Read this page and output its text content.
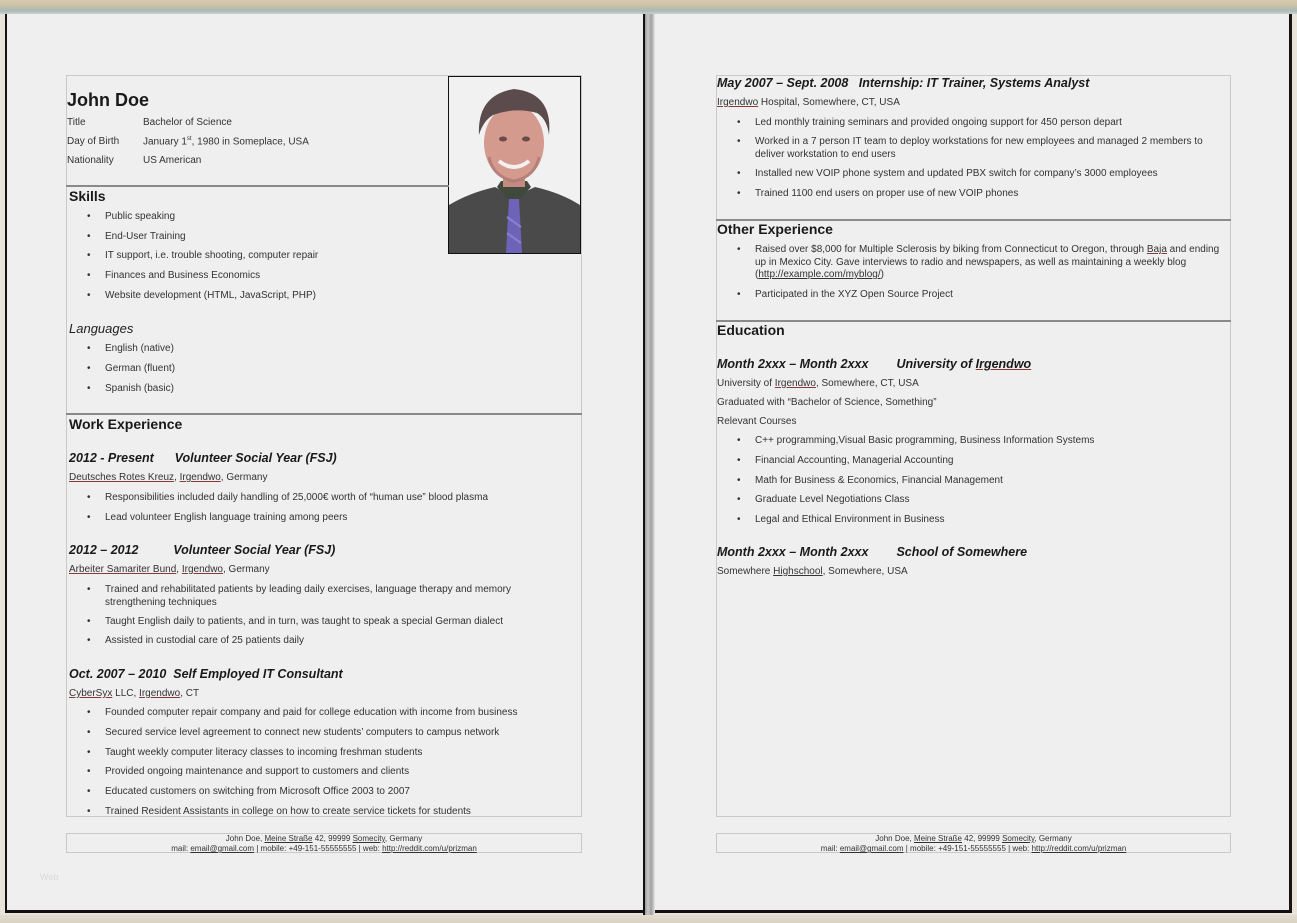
John Doe
Title	Bachelor of Science
Day of Birth January 1st, 1980 in Someplace, USA
Nationality	US American
Skills
• Public speaking
• End-User Training
• IT support, i.e. trouble shooting, computer repair
• Finances and Business Economics
• Website development (HTML, JavaScript, PHP)
Languages
• English (native)
• German (fluent)
• Spanish (basic)
Work Experience
2012 - Present      Volunteer Social Year (FSJ)
Deutsches Rotes Kreuz, Irgendwo, Germany
• Responsibilities included daily handling of 25,000€ worth of “human use” blood plasma
• Lead volunteer English language training among peers
2012 – 2012          Volunteer Social Year (FSJ)
Arbeiter Samariter Bund, Irgendwo, Germany
• Trained and rehabilitated patients by leading daily exercises, language therapy and memory strengthening techniques
• Taught English daily to patients, and in turn, was taught to speak a special German dialect
• Assisted in custodial care of 25 patients daily
Oct. 2007 – 2010  Self Employed IT Consultant
CyberSyx LLC, Irgendwo, CT
• Founded computer repair company and paid for college education with income from business
• Secured service level agreement to connect new students’ computers to campus network
• Taught weekly computer literacy classes to incoming freshman students
• Provided ongoing maintenance and support to customers and clients
• Educated customers on switching from Microsoft Office 2003 to 2007
• Trained Resident Assistants in college on how to create service tickets for students
John Doe, Meine Straße 42, 99999 Somecity, Germany
mail: email@gmail.com | mobile: +49-151-55555555 | web: http://reddit.com/u/prizman
Web
May 2007 – Sept. 2008   Internship: IT Trainer, Systems Analyst
Irgendwo Hospital, Somewhere, CT, USA
• Led monthly training seminars and provided ongoing support for 450 person depart
• Worked in a 7 person IT team to deploy workstations for new employees and managed 2 members to deliver workstation to end users
• Installed new VOIP phone system and updated PBX switch for company’s 3000 employees
• Trained 1100 end users on proper use of new VOIP phones
Other Experience
• Raised over $8,000 for Multiple Sclerosis by biking from Connecticut to Oregon, through Baja and ending up in Mexico City. Gave interviews to radio and newspapers, as well as maintaining a weekly blog (http://example.com/myblog/)
• Participated in the XYZ Open Source Project
Education
Month 2xxx – Month 2xxx University of Irgendwo
University of Irgendwo, Somewhere, CT, USA
Graduated with “Bachelor of Science, Something”
Relevant Courses
• C++ programming,Visual Basic programming, Business Information Systems
• Financial Accounting, Managerial Accounting
• Math for Business & Economics, Financial Management
• Graduate Level Negotiations Class
• Legal and Ethical Environment in Business
Month 2xxx – Month 2xxx School of Somewhere
Somewhere Highschool, Somewhere, USA
John Doe, Meine Straße 42, 99999 Somecity, Germany
mail: email@gmail.com | mobile: +49-151-55555555 | web: http://reddit.com/u/prizman
